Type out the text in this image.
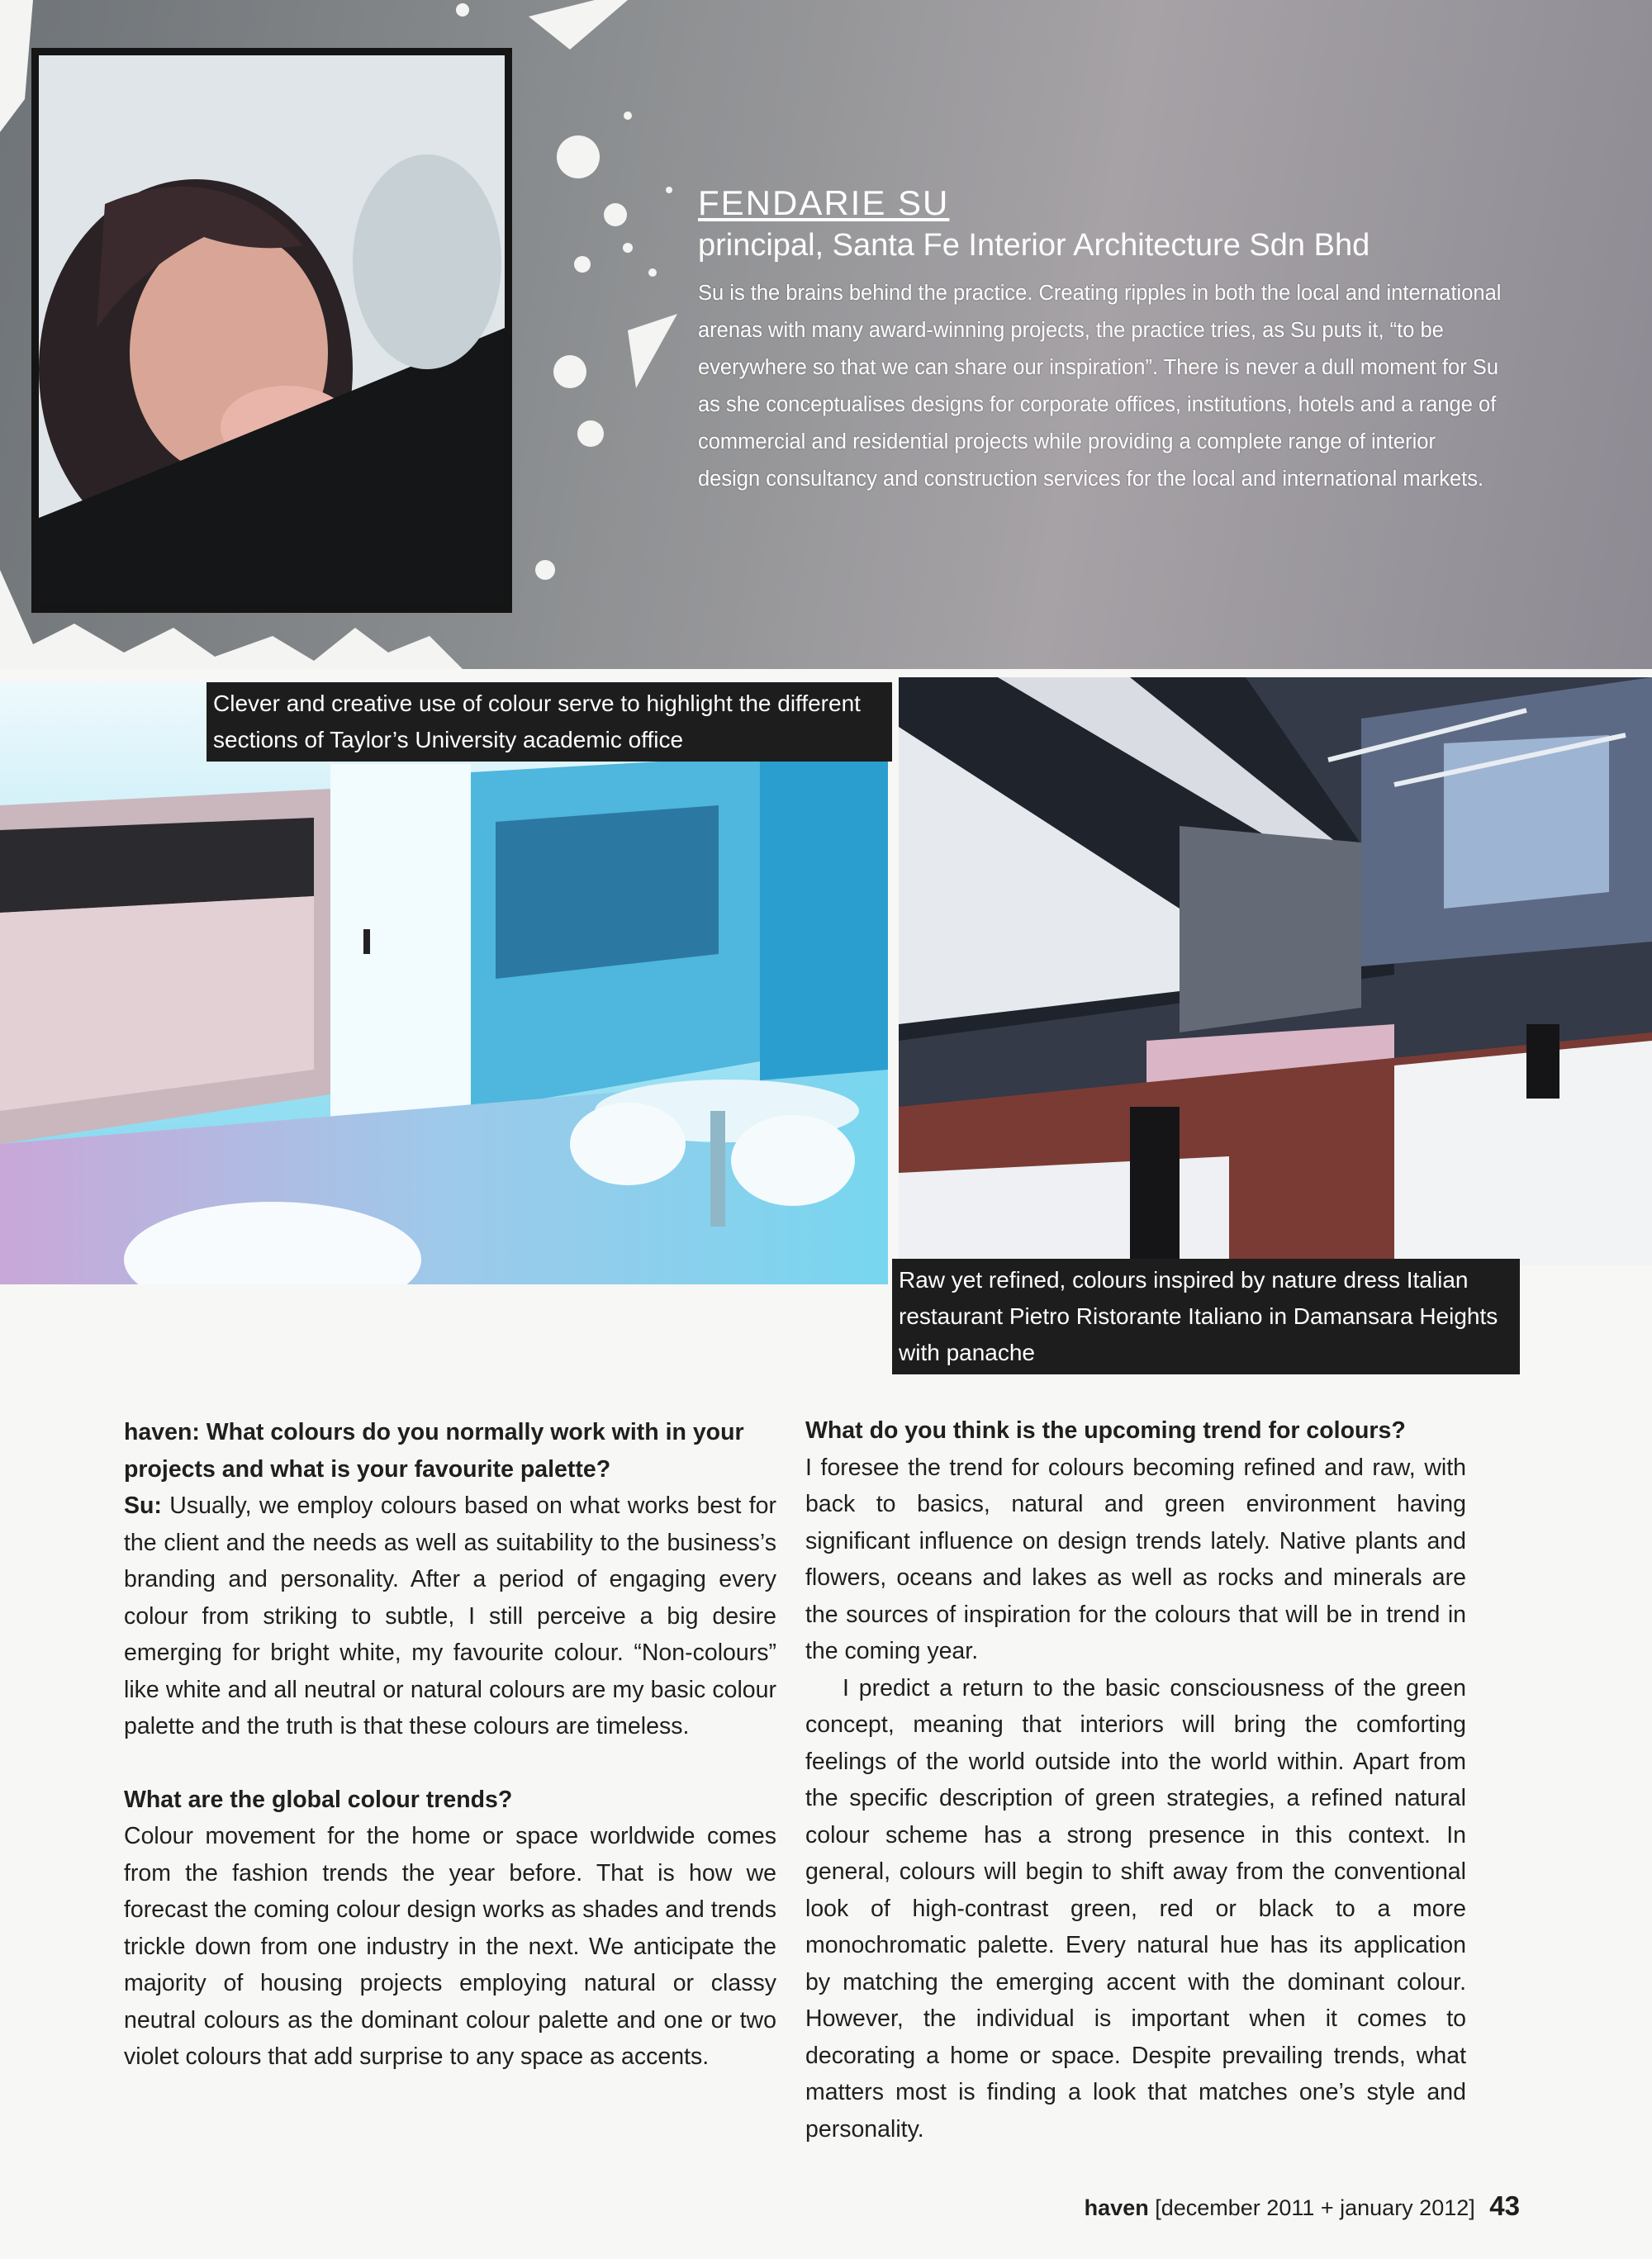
FENDARIE SU
principal, Santa Fe Interior Architecture Sdn Bhd

Su is the brains behind the practice. Creating ripples in both the local and international arenas with many award-winning projects, the practice tries, as Su puts it, “to be everywhere so that we can share our inspiration”. There is never a dull moment for Su as she conceptualises designs for corporate offices, institutions, hotels and a range of commercial and residential projects while providing a complete range of interior design consultancy and construction services for the local and international markets.

Clever and creative use of colour serve to highlight the different sections of Taylor’s University academic office
Raw yet refined, colours inspired by nature dress Italian restaurant Pietro Ristorante Italiano in Damansara Heights with panache

haven: What colours do you normally work with in your projects and what is your favourite palette?

Su: Usually, we employ colours based on what works best for the client and the needs as well as suitability to the business’s branding and personality. After a period of engaging every colour from striking to subtle, I still perceive a big desire emerging for bright white, my favourite colour. “Non-colours” like white and all neutral or natural colours are my basic colour palette and the truth is that these colours are timeless.

What are the global colour trends?

Colour movement for the home or space worldwide comes from the fashion trends the year before. That is how we forecast the coming colour design works as shades and trends trickle down from one industry in the next. We anticipate the majority of housing projects employing natural or classy neutral colours as the dominant colour palette and one or two violet colours that add surprise to any space as accents.

What do you think is the upcoming trend for colours?

I foresee the trend for colours becoming refined and raw, with back to basics, natural and green environment having significant influence on design trends lately. Native plants and flowers, oceans and lakes as well as rocks and minerals are the sources of inspiration for the colours that will be in trend in the coming year.

I predict a return to the basic consciousness of the green concept, meaning that interiors will bring the comforting feelings of the world outside into the world within. Apart from the specific description of green strategies, a refined natural colour scheme has a strong presence in this context. In general, colours will begin to shift away from the conventional look of high-contrast green, red or black to a more monochromatic palette. Every natural hue has its application by matching the emerging accent with the dominant colour. However, the individual is important when it comes to decorating a home or space. Despite prevailing trends, what matters most is finding a look that matches one’s style and personality.

haven [december 2011 + january 2012] 43
